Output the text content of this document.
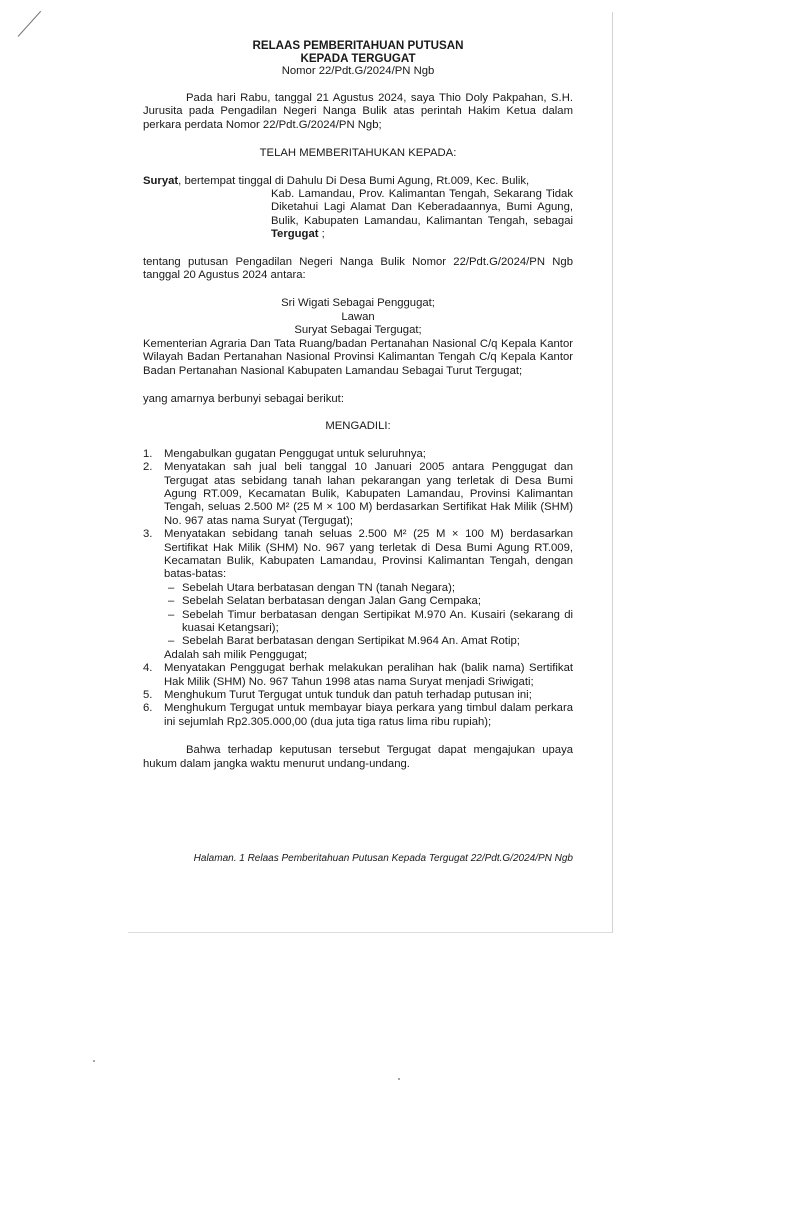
RELAAS PEMBERITAHUAN PUTUSAN
KEPADA TERGUGAT
Nomor 22/Pdt.G/2024/PN Ngb
Pada hari Rabu, tanggal 21 Agustus 2024, saya Thio Doly Pakpahan, S.H. Jurusita pada Pengadilan Negeri Nanga Bulik atas perintah Hakim Ketua dalam perkara perdata Nomor 22/Pdt.G/2024/PN Ngb;
TELAH MEMBERITAHUKAN KEPADA:
Suryat, bertempat tinggal di Dahulu Di Desa Bumi Agung, Rt.009, Kec. Bulik,
Kab. Lamandau, Prov. Kalimantan Tengah, Sekarang Tidak Diketahui Lagi Alamat Dan Keberadaannya, Bumi Agung, Bulik, Kabupaten Lamandau, Kalimantan Tengah, sebagai Tergugat ;
tentang putusan Pengadilan Negeri Nanga Bulik Nomor 22/Pdt.G/2024/PN Ngb tanggal 20 Agustus 2024 antara:
Sri Wigati Sebagai Penggugat;
Lawan
Suryat Sebagai Tergugat;
Kementerian Agraria Dan Tata Ruang/badan Pertanahan Nasional C/q Kepala Kantor Wilayah Badan Pertanahan Nasional Provinsi Kalimantan Tengah C/q Kepala Kantor Badan Pertanahan Nasional Kabupaten Lamandau Sebagai Turut Tergugat;
yang amarnya berbunyi sebagai berikut:
MENGADILI:
1. Mengabulkan gugatan Penggugat untuk seluruhnya;
2. Menyatakan sah jual beli tanggal 10 Januari 2005 antara Penggugat dan Tergugat atas sebidang tanah lahan pekarangan yang terletak di Desa Bumi Agung RT.009, Kecamatan Bulik, Kabupaten Lamandau, Provinsi Kalimantan Tengah, seluas 2.500 M² (25 M × 100 M) berdasarkan Sertifikat Hak Milik (SHM) No. 967 atas nama Suryat (Tergugat);
3. Menyatakan sebidang tanah seluas 2.500 M² (25 M × 100 M) berdasarkan Sertifikat Hak Milik (SHM) No. 967 yang terletak di Desa Bumi Agung RT.009, Kecamatan Bulik, Kabupaten Lamandau, Provinsi Kalimantan Tengah, dengan batas-batas:
– Sebelah Utara berbatasan dengan TN (tanah Negara);
– Sebelah Selatan berbatasan dengan Jalan Gang Cempaka;
– Sebelah Timur berbatasan dengan Sertipikat M.970 An. Kusairi (sekarang di kuasai Ketangsari);
– Sebelah Barat berbatasan dengan Sertipikat M.964 An. Amat Rotip;
Adalah sah milik Penggugat;
4. Menyatakan Penggugat berhak melakukan peralihan hak (balik nama) Sertifikat Hak Milik (SHM) No. 967 Tahun 1998 atas nama Suryat menjadi Sriwigati;
5. Menghukum Turut Tergugat untuk tunduk dan patuh terhadap putusan ini;
6. Menghukum Tergugat untuk membayar biaya perkara yang timbul dalam perkara ini sejumlah Rp2.305.000,00 (dua juta tiga ratus lima ribu rupiah);
Bahwa terhadap keputusan tersebut Tergugat dapat mengajukan upaya hukum dalam jangka waktu menurut undang-undang.
Halaman. 1 Relaas Pemberitahuan Putusan Kepada Tergugat 22/Pdt.G/2024/PN Ngb
